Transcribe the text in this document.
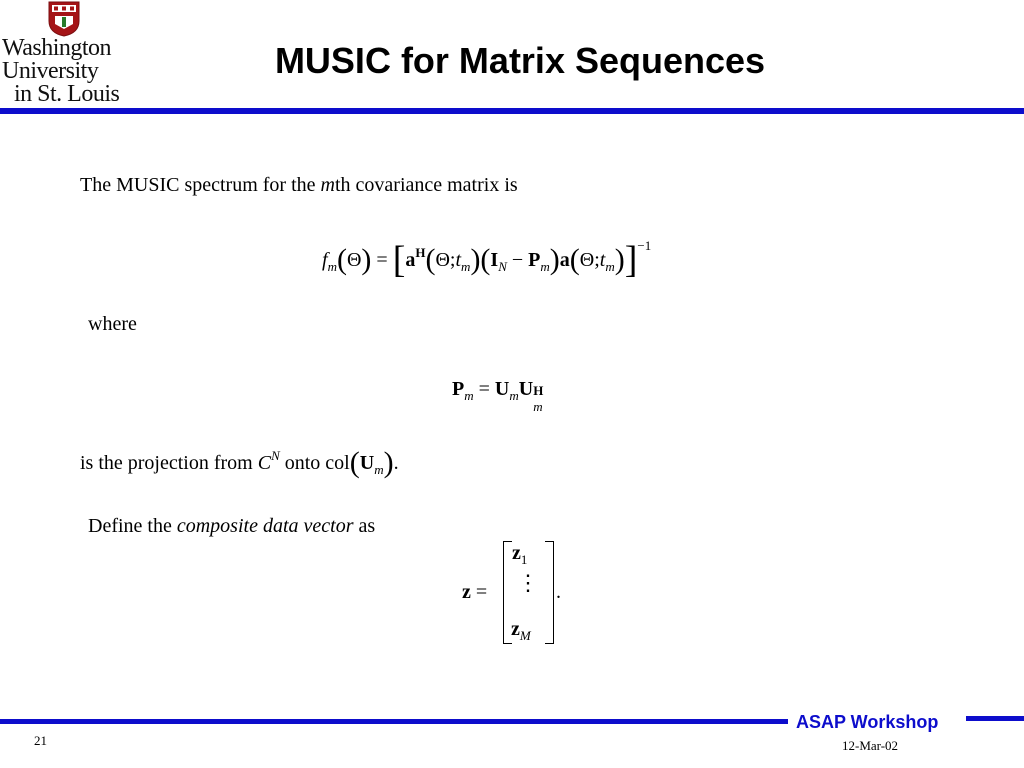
Washington
University
in St. Louis
MUSIC for Matrix Sequences
The MUSIC spectrum for the mth covariance matrix is
$f_m(\Theta)$ = [$a^H(\Theta;t_m)(I_N$ − $P_m)a(\Theta;t_m)]^{-1}$
where
$P_m = U_mU$ H
m
is the projection from $C^N$ onto $col(U_m)$.
Define the composite data vector as
z =
$z_1$
⋮
$z_M$
.
ASAP Workshop
21	12-Mar-02
